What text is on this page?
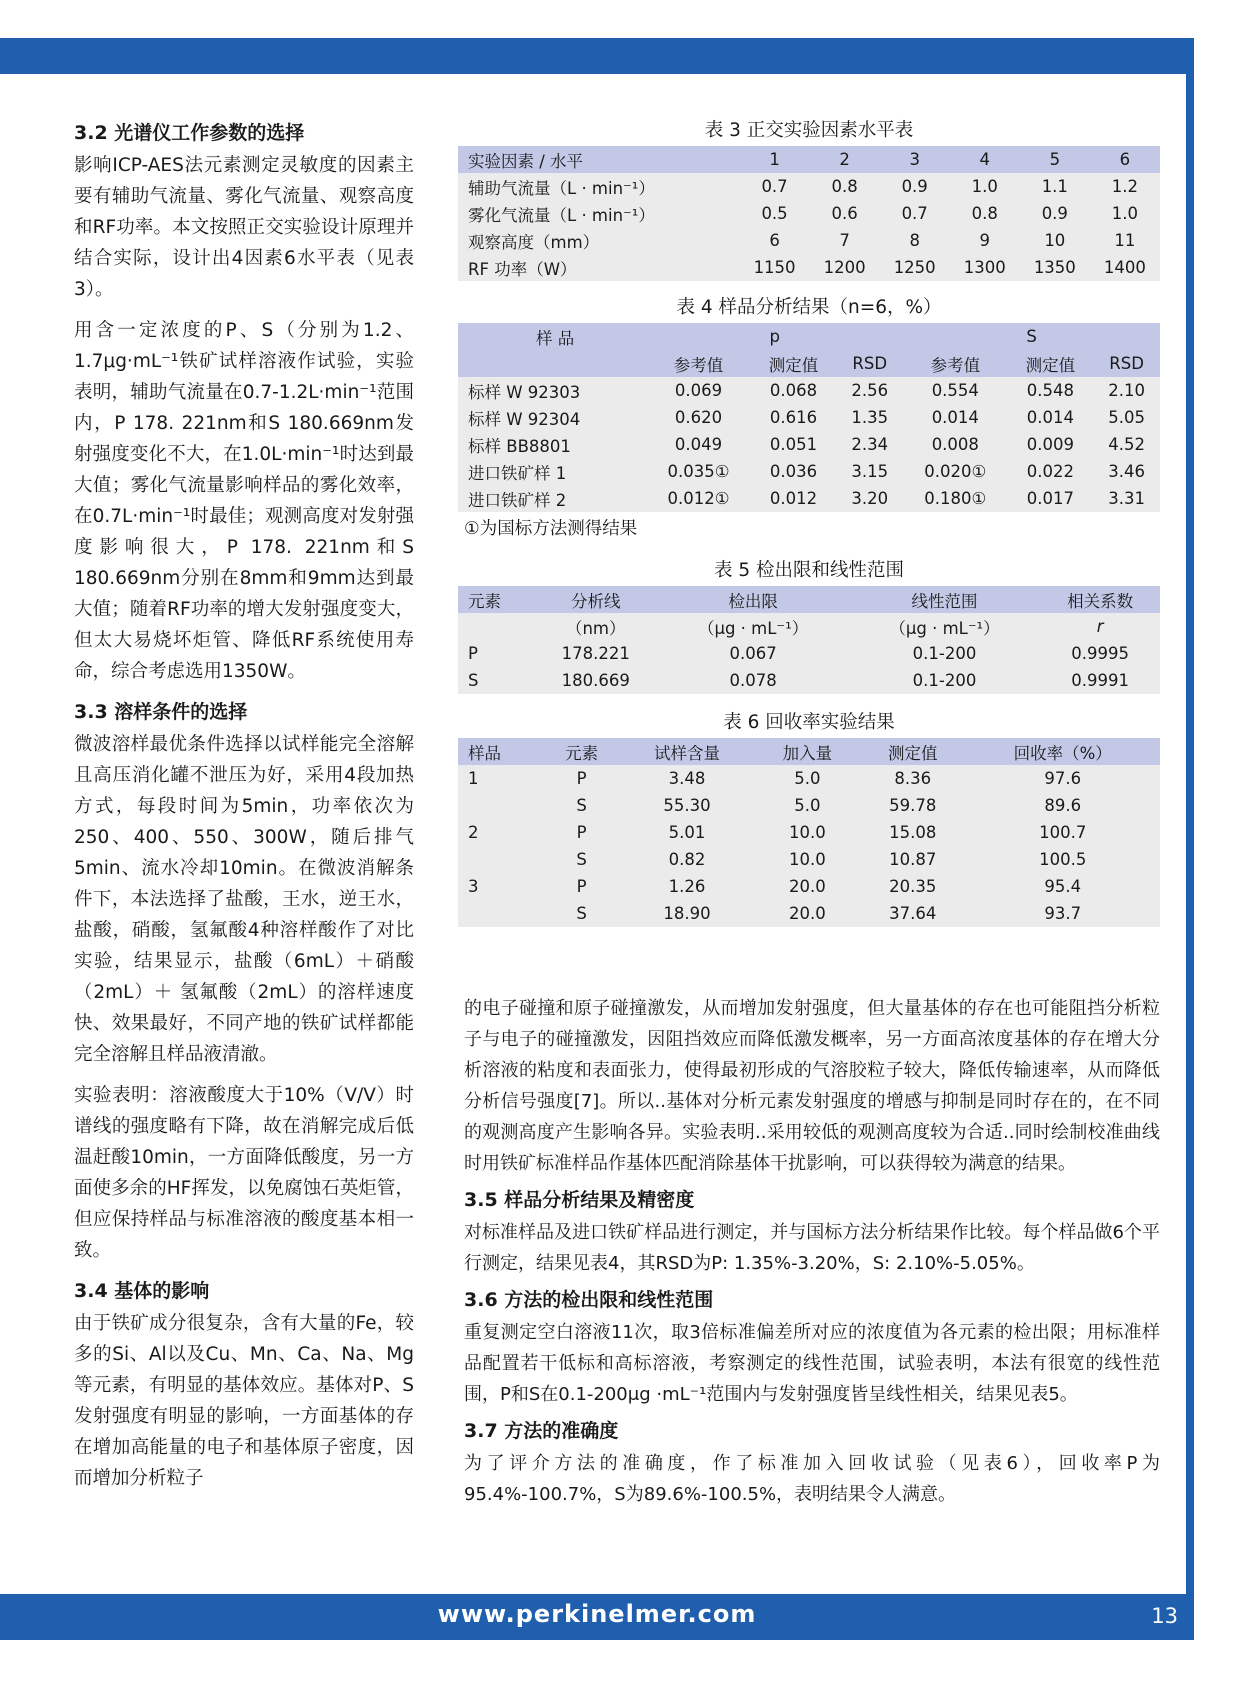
3.2 光谱仪工作参数的选择

影响ICP-AES法元素测定灵敏度的因素主要有辅助气流量、雾化气流量、观察高度和RF功率。本文按照正交实验设计原理并结合实际，设计出4因素6水平表（见表3）。

用含一定浓度的P、S（分别为1.2、1.7μg·mL⁻¹铁矿试样溶液作试验，实验表明，辅助气流量在0.7-1.2L·min⁻¹范围内，P 178. 221nm和S 180.669nm发射强度变化不大，在1.0L·min⁻¹时达到最大值；雾化气流量影响样品的雾化效率，在0.7L·min⁻¹时最佳；观测高度对发射强度影响很大，P 178. 221nm和S 180.669nm分别在8mm和9mm达到最大值；随着RF功率的增大发射强度变大，但太大易烧坏炬管、降低RF系统使用寿命，综合考虑选用1350W。

3.3 溶样条件的选择

微波溶样最优条件选择以试样能完全溶解且高压消化罐不泄压为好，采用4段加热方式，每段时间为5min，功率依次为250、400、550、300W，随后排气5min、流水冷却10min。在微波消解条件下，本法选择了盐酸，王水，逆王水，盐酸，硝酸，氢氟酸4种溶样酸作了对比实验，结果显示，盐酸（6mL）＋硝酸（2mL）＋ 氢氟酸（2mL）的溶样速度快、效果最好，不同产地的铁矿试样都能完全溶解且样品液清澈。

实验表明：溶液酸度大于10%（V/V）时谱线的强度略有下降，故在消解完成后低温赶酸10min，一方面降低酸度，另一方面使多余的HF挥发，以免腐蚀石英炬管，但应保持样品与标准溶液的酸度基本相一致。

3.4 基体的影响

由于铁矿成分很复杂，含有大量的Fe，较多的Si、Al以及Cu、Mn、Ca、Na、Mg等元素，有明显的基体效应。基体对P、S发射强度有明显的影响，一方面基体的存在增加高能量的电子和基体原子密度，因而增加分析粒子

表 3 正交实验因素水平表
实验因素 / 水平	1	2	3	4	5	6
辅助气流量（L · min⁻¹）	0.7	0.8	0.9	1.0	1.1	1.2
雾化气流量（L · min⁻¹）	0.5	0.6	0.7	0.8	0.9	1.0
观察高度（mm）	6	7	8	9	10	11
RF 功率（W）	1150	1200	1250	1300	1350	1400
表 4 样品分析结果（n=6，%）
样 品	p			S		
	参考值	测定值	RSD	参考值	测定值	RSD
标样 W 92303	0.069	0.068	2.56	0.554	0.548	2.10
标样 W 92304	0.620	0.616	1.35	0.014	0.014	5.05
标样 BB8801	0.049	0.051	2.34	0.008	0.009	4.52
进口铁矿样 1	0.035①	0.036	3.15	0.020①	0.022	3.46
进口铁矿样 2	0.012①	0.012	3.20	0.180①	0.017	3.31
①为国标方法测得结果
表 5 检出限和线性范围
元素	分析线	检出限	线性范围	相关系数
	（nm）	（μg · mL⁻¹）	（μg · mL⁻¹）	r
P	178.221	0.067	0.1-200	0.9995
S	180.669	0.078	0.1-200	0.9991
表 6 回收率实验结果
样品	元素	试样含量	加入量	测定值	回收率（%）
1	P	3.48	5.0	8.36	97.6
	S	55.30	5.0	59.78	89.6
2	P	5.01	10.0	15.08	100.7
	S	0.82	10.0	10.87	100.5
3	P	1.26	20.0	20.35	95.4
	S	18.90	20.0	37.64	93.7

的电子碰撞和原子碰撞激发，从而增加发射强度，但大量基体的存在也可能阻挡分析粒子与电子的碰撞激发，因阻挡效应而降低激发概率，另一方面高浓度基体的存在增大分析溶液的粘度和表面张力，使得最初形成的气溶胶粒子较大，降低传输速率，从而降低分析信号强度[7]。所以..基体对分析元素发射强度的增感与抑制是同时存在的，在不同的观测高度产生影响各异。实验表明..采用较低的观测高度较为合适..同时绘制校准曲线时用铁矿标准样品作基体匹配消除基体干扰影响，可以获得较为满意的结果。

3.5 样品分析结果及精密度

对标准样品及进口铁矿样品进行测定，并与国标方法分析结果作比较。每个样品做6个平行测定，结果见表4，其RSD为P: 1.35%-3.20%，S: 2.10%-5.05%。

3.6 方法的检出限和线性范围

重复测定空白溶液11次，取3倍标准偏差所对应的浓度值为各元素的检出限；用标准样品配置若干低标和高标溶液，考察测定的线性范围，试验表明，本法有很宽的线性范围，P和S在0.1-200μg ·mL⁻¹范围内与发射强度皆呈线性相关，结果见表5。

3.7 方法的准确度

为了评介方法的准确度，作了标准加入回收试验（见表6），回收率P为95.4%-100.7%，S为89.6%-100.5%，表明结果令人满意。

www.perkinelmer.com	13
